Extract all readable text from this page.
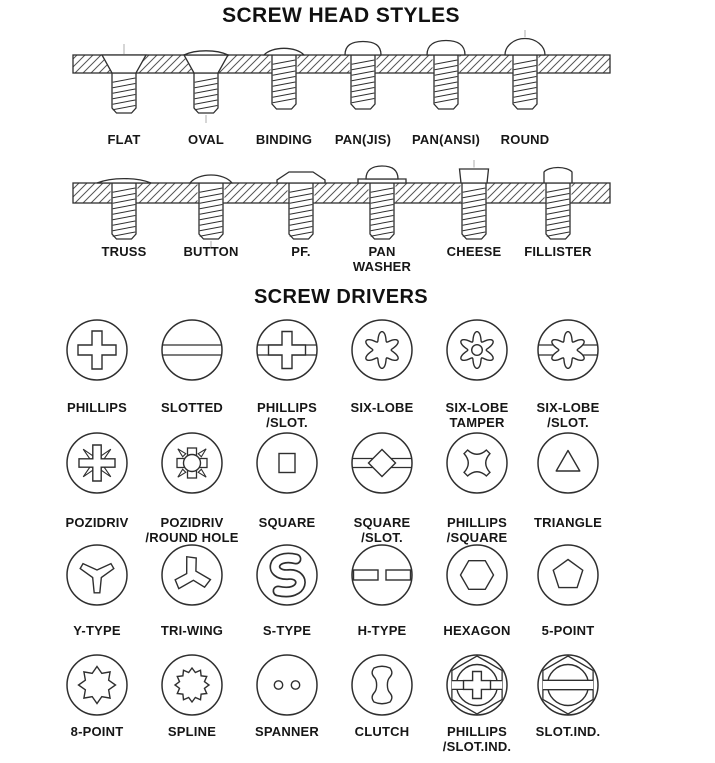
SCREW HEAD STYLES
SCREW DRIVERS
FLAT	OVAL BINDING PAN(JIS) PAN(ANSI) ROUND
TRUSS	BUTTON	PF.	PAN
WASHER
CHEESE FILLISTER
PHILLIPS	SLOTTED	PHILLIPS
/SLOT.
SIX-LOBE SIX-LOBE
TAMPER
SIX-LOBE
/SLOT.
POZIDRIV	POZIDRIV
/ROUND HOLE
SQUARE	SQUARE
/SLOT.
PHILLIPS
/SQUARE
TRIANGLE
Y-TYPE	TRI-WING	S-TYPE	H-TYPE	HEXAGON 5-POINT
8-POINT	SPLINE	SPANNER	CLUTCH	PHILLIPS
/SLOT.IND.
SLOT.IND.
